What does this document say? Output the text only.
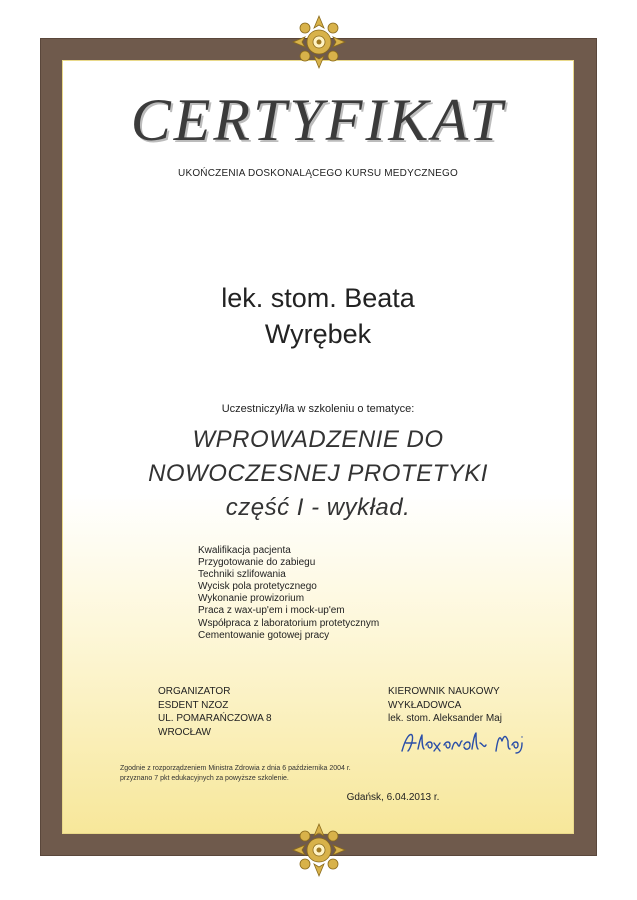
CERTYFIKAT
UKOŃCZENIA DOSKONALĄCEGO KURSU MEDYCZNEGO
lek. stom. Beata
Wyrębek
Uczestniczył/ła w szkoleniu o tematyce:
WPROWADZENIE DO
NOWOCZESNEJ PROTETYKI
część I - wykład.
Kwalifikacja pacjenta
Przygotowanie do zabiegu
Techniki szlifowania
Wycisk pola protetycznego
Wykonanie prowizorium
Praca z wax-up'em i mock-up'em
Współpraca z laboratorium protetycznym
Cementowanie gotowej pracy
ORGANIZATOR
ESDENT NZOZ
UL. POMARAŃCZOWA 8
WROCŁAW
KIEROWNIK NAUKOWY
WYKŁADOWCA
lek. stom. Aleksander Maj
Zgodnie z rozporządzeniem Ministra Zdrowia z dnia 6 października 2004 r.
przyznano 7 pkt edukacyjnych za powyższe szkolenie.
Gdańsk, 6.04.2013 r.
